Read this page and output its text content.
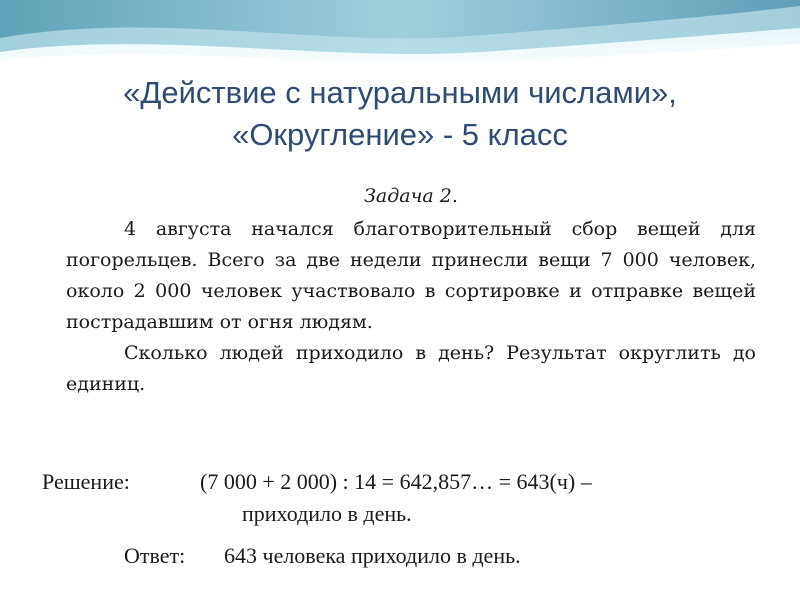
«Действие с натуральными числами»,
«Округление» - 5 класс
Задача 2.

4 августа начался благотворительный сбор вещей для погорельцев. Всего за две недели принесли вещи 7 000 человек, около 2 000 человек участвовало в сортировке и отправке вещей пострадавшим от огня людям.

Сколько людей приходило в день? Результат округлить до единиц.

Решение:	(7 000 + 2 000) : 14 = 642,857… = 643(ч) –
приходило в день.
Ответ: 643 человека приходило в день.
